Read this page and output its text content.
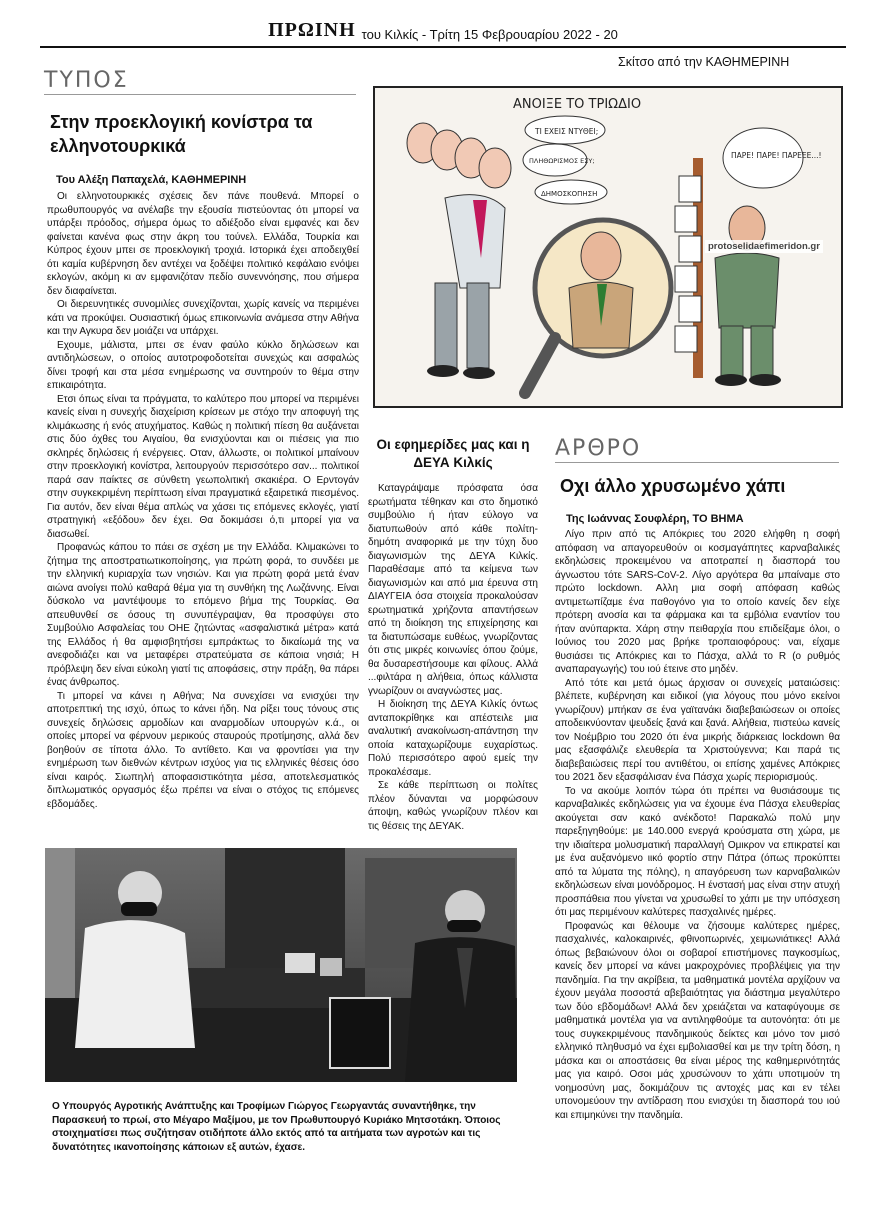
ΠΡΩΙΝΗ του Κιλκίς - Τρίτη 15 Φεβρουαρίου 2022 - 20
ΤΥΠΟΣ
Στην προεκλογική κονίστρα τα ελληνοτουρκικά
Του Αλέξη Παπαχελά, ΚΑΘΗΜΕΡΙΝΗ

Οι ελληνοτουρκικές σχέσεις δεν πάνε πουθενά. Μπορεί ο πρωθυπουργός να ανέλαβε την εξουσία πιστεύοντας ότι μπορεί να υπάρξει πρόοδος, σήμερα όμως το αδιέξοδο είναι εμφανές και δεν φαίνεται κανένα φως στην άκρη του τούνελ. Ελλάδα, Τουρκία και Κύπρος έχουν μπει σε προεκλογική τροχιά. Ιστορικά έχει αποδειχθεί ότι καμία κυβέρνηση δεν αντέχει να ξοδέψει πολιτικό κεφάλαιο ενόψει εκλογών, ακόμη κι αν εμφανιζόταν πεδίο συνεννόησης, που σήμερα δεν διαφαίνεται.

Οι διερευνητικές συνομιλίες συνεχίζονται, χωρίς κανείς να περιμένει κάτι να προκύψει. Ουσιαστική όμως επικοινωνία ανάμεσα στην Αθήνα και την Αγκυρα δεν μοιάζει να υπάρχει.

Εχουμε, μάλιστα, μπει σε έναν φαύλο κύκλο δηλώσεων και αντιδηλώσεων, ο οποίος αυτοτροφοδοτείται συνεχώς και ασφαλώς δίνει τροφή και στα μέσα ενημέρωσης να συντηρούν το θέμα στην επικαιρότητα.

Ετσι όπως είναι τα πράγματα, το καλύτερο που μπορεί να περιμένει κανείς είναι η συνεχής διαχείριση κρίσεων με στόχο την αποφυγή της κλιμάκωσης ή ενός ατυχήματος. Καθώς η πολιτική πίεση θα αυξάνεται στις δύο όχθες του Αιγαίου, θα ενισχύονται και οι πιέσεις για πιο σκληρές δηλώσεις ή ενέργειες. Οταν, άλλωστε, οι πολιτικοί μπαίνουν στην προεκλογική κονίστρα, λειτουργούν περισσότερο σαν... πολιτικοί παρά σαν παίκτες σε σύνθετη γεωπολιτική σκακιέρα. Ο Ερντογάν στην συγκεκριμένη περίπτωση είναι πραγματικά εξαιρετικά πιεσμένος. Για αυτόν, δεν είναι θέμα απλώς να χάσει τις επόμενες εκλογές, γιατί στρατηγική «εξόδου» δεν έχει. Θα δοκιμάσει ό,τι μπορεί για να διασωθεί.

Προφανώς κάπου το πάει σε σχέση με την Ελλάδα. Κλιμακώνει το ζήτημα της αποστρατιωτικοποίησης, για πρώτη φορά, το συνδέει με την ελληνική κυριαρχία των νησιών. Και για πρώτη φορά μετά έναν αιώνα ανοίγει πολύ καθαρά θέμα για τη συνθήκη της Λωζάννης. Είναι δύσκολο να μαντέψουμε το επόμενο βήμα της Τουρκίας. Θα απευθυνθεί σε όσους τη συνυπέγραψαν, θα προσφύγει στο Συμβούλιο Ασφαλείας του ΟΗΕ ζητώντας «ασφαλιστικά μέτρα» κατά της Ελλάδος ή θα αμφισβητήσει εμπράκτως το δικαίωμά της να ανεφοδιάζει και να μεταφέρει στρατεύματα σε κάποια νησιά; Η πρόβλεψη δεν είναι εύκολη γιατί τις αποφάσεις, στην πράξη, θα πάρει ένας άνθρωπος.

Τι μπορεί να κάνει η Αθήνα; Να συνεχίσει να ενισχύει την αποτρεπτική της ισχύ, όπως το κάνει ήδη. Να ρίξει τους τόνους στις συνεχείς δηλώσεις αρμοδίων και αναρμοδίων υπουργών κ.ά., οι οποίες μπορεί να φέρνουν μερικούς σταυρούς προτίμησης, αλλά δεν βοηθούν σε τίποτα άλλο. Το αντίθετο. Και να φροντίσει για την ενημέρωση των διεθνών κέντρων ισχύος για τις ελληνικές θέσεις όσο είναι καιρός. Σιωπηλή αποφασιστικότητα μέσα, αποτελεσματικός διπλωματικός οργασμός έξω πρέπει να είναι ο στόχος τις επόμενες εβδομάδες.

Σκίτσο από την ΚΑΘΗΜΕΡΙΝΗ
ΑΝΟΙΞΕ ΤΟ ΤΡΙΩΔΙΟ
ΤΙ ΕΧΕΙΣ ΝΤΥΘΕΙ;
ΠΛΗΘΩΡΙΣΜΟΣ ΕΣΥ;
ΔΗΜΟΣΚΟΠΗΣΗ
ΠΑΡΕ! ΠΑΡΕ! ΠΑΡΕΕΕ...!
protoselidaefimeridon.gr
Οι εφημερίδες μας και η ΔΕΥΑ Κιλκίς

Καταγράψαμε πρόσφατα όσα ερωτήματα τέθηκαν και στο δημοτικό συμβούλιο ή ήταν εύλογο να διατυπωθούν από κάθε πολίτη-δημότη αναφορικά με την τύχη δυο διαγωνισμών της ΔΕΥΑ Κιλκίς. Παραθέσαμε από τα κείμενα των διαγωνισμών και από μια έρευνα στη ΔΙΑΥΓΕΙΑ όσα στοιχεία προκαλούσαν ερωτηματικά χρήζοντα απαντήσεων από τη διοίκηση της επιχείρησης και τα διατυπώσαμε ευθέως, γνωρίζοντας ότι στις μικρές κοινωνίες όπου ζούμε, θα δυσαρεστήσουμε και φίλους. Αλλά ...φιλτάρα η αλήθεια, όπως κάλλιστα γνωρίζουν οι αναγνώστες μας.

Η διοίκηση της ΔΕΥΑ Κιλκίς όντως ανταποκρίθηκε και απέστειλε μια αναλυτική ανακοίνωση-απάντηση την οποία καταχωρίζουμε ευχαρίστως. Πολύ περισσότερο αφού εμείς την προκαλέσαμε.

Σε κάθε περίπτωση οι πολίτες πλέον δύνανται να μορφώσουν άποψη, καθώς γνωρίζουν πλέον και τις θέσεις της ΔΕΥΑΚ.

ΑΡΘΡΟ
Οχι άλλο χρυσωμένο χάπι
Της Ιωάννας Σουφλέρη, ΤΟ ΒΗΜΑ

Λίγο πριν από τις Απόκριες του 2020 ελήφθη η σοφή απόφαση να απαγορευθούν οι κοσμαγάπητες καρναβαλικές εκδηλώσεις προκειμένου να αποτραπεί η διασπορά του άγνωστου τότε SARS-CoV-2. Λίγο αργότερα θα μπαίναμε στο πρώτο lockdown. Αλλη μια σοφή απόφαση καθώς αντιμετωπίζαμε ένα παθογόνο για το οποίο κανείς δεν είχε πρότερη ανοσία και τα φάρμακα και τα εμβόλια εναντίον του ήταν ανύπαρκτα. Χάρη στην πειθαρχία που επιδείξαμε όλοι, ο Ιούνιος του 2020 μας βρήκε τροπαιοφόρους: ναι, είχαμε θυσιάσει τις Απόκριες και το Πάσχα, αλλά το R (ο ρυθμός αναπαραγωγής) του ιού έτεινε στο μηδέν.

Από τότε και μετά όμως άρχισαν οι συνεχείς ματαιώσεις: βλέπετε, κυβέρνηση και ειδικοί (για λόγους που μόνο εκείνοι γνωρίζουν) μπήκαν σε ένα γαϊτανάκι διαβεβαιώσεων οι οποίες αποδεικνύονταν ψευδείς ξανά και ξανά. Αλήθεια, πιστεύω κανείς τον Νοέμβριο του 2020 ότι ένα μικρής διάρκειας lockdown θα μας εξασφάλιζε ελευθερία τα Χριστούγεννα; Και παρά τις διαβεβαιώσεις περί του αντιθέτου, οι επίσης χαμένες Απόκριες του 2021 δεν εξασφάλισαν ένα Πάσχα χωρίς περιορισμούς.

Το να ακούμε λοιπόν τώρα ότι πρέπει να θυσιάσουμε τις καρναβαλικές εκδηλώσεις για να έχουμε ένα Πάσχα ελευθερίας ακούγεται σαν κακό ανέκδοτο! Παρακαλώ πολύ μην παρεξηγηθούμε: με 140.000 ενεργά κρούσματα στη χώρα, με την ιδιαίτερα μολυσματική παραλλαγή Ομικρον να επικρατεί και με ένα αυξανόμενο ιικό φορτίο στην Πάτρα (όπως προκύπτει από τα λύματα της πόλης), η απαγόρευση των καρναβαλικών εκδηλώσεων είναι μονόδρομος. Η ένστασή μας είναι στην ατυχή προσπάθεια που γίνεται να χρυσωθεί το χάπι με την υπόσχεση ότι μας περιμένουν καλύτερες πασχαλινές ημέρες.

Προφανώς και θέλουμε να ζήσουμε καλύτερες ημέρες, πασχαλινές, καλοκαιρινές, φθινοπωρινές, χειμωνιάτικες! Αλλά όπως βεβαιώνουν όλοι οι σοβαροί επιστήμονες παγκοσμίως, κανείς δεν μπορεί να κάνει μακροχρόνιες προβλέψεις για την πανδημία. Για την ακρίβεια, τα μαθηματικά μοντέλα αρχίζουν να έχουν μεγάλα ποσοστά αβεβαιότητας για διάστημα μεγαλύτερο των δύο εβδομάδων! Αλλά δεν χρειάζεται να καταφύγουμε σε μαθηματικά μοντέλα για να αντιληφθούμε τα αυτονόητα: ότι με τους συγκεκριμένους πανδημικούς δείκτες και μόνο τον μισό ελληνικό πληθυσμό να έχει εμβολιασθεί και με την τρίτη δόση, η μάσκα και οι αποστάσεις θα είναι μέρος της καθημερινότητάς μας για καιρό. Οσοι μάς χρυσώνουν το χάπι υποτιμούν τη νοημοσύνη μας, δοκιμάζουν τις αντοχές μας και εν τέλει υπονομεύουν την αντίδραση που ενισχύει τη διασπορά του ιού και επιμηκύνει την πανδημία.

Ο Υπουργός Αγροτικής Ανάπτυξης και Τροφίμων Γιώργος Γεωργαντάς συναντήθηκε, την Παρασκευή το πρωί, στο Μέγαρο Μαξίμου, με τον Πρωθυπουργό Κυριάκο Μητσοτάκη. Όποιος στοιχηματίσει πως συζήτησαν οτιδήποτε άλλο εκτός από τα αιτήματα των αγροτών και τις δυνατότητες ικανοποίησης κάποιων εξ αυτών, έχασε.
